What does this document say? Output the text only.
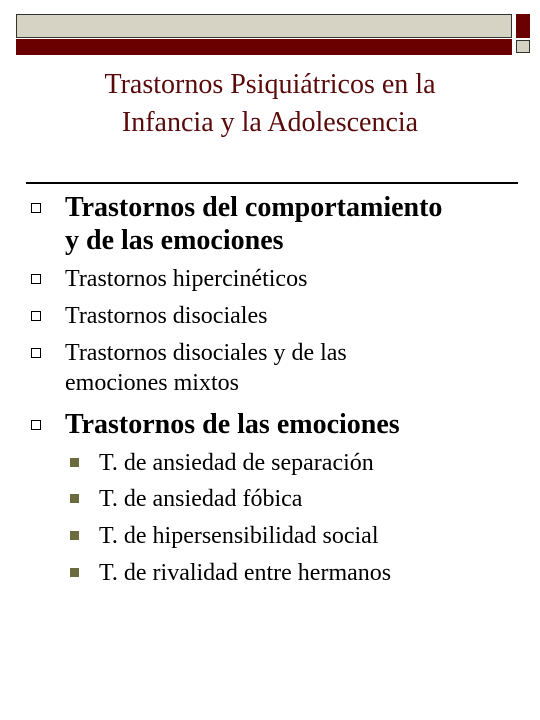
Trastornos Psiquiátricos en la
Infancia y la Adolescencia
Trastornos del comportamiento
y de las emociones
Trastornos hipercinéticos
Trastornos disociales
Trastornos disociales y de las
emociones mixtos
Trastornos de las emociones
T. de ansiedad de separación
T. de ansiedad fóbica
T. de hipersensibilidad social
T. de rivalidad entre hermanos
